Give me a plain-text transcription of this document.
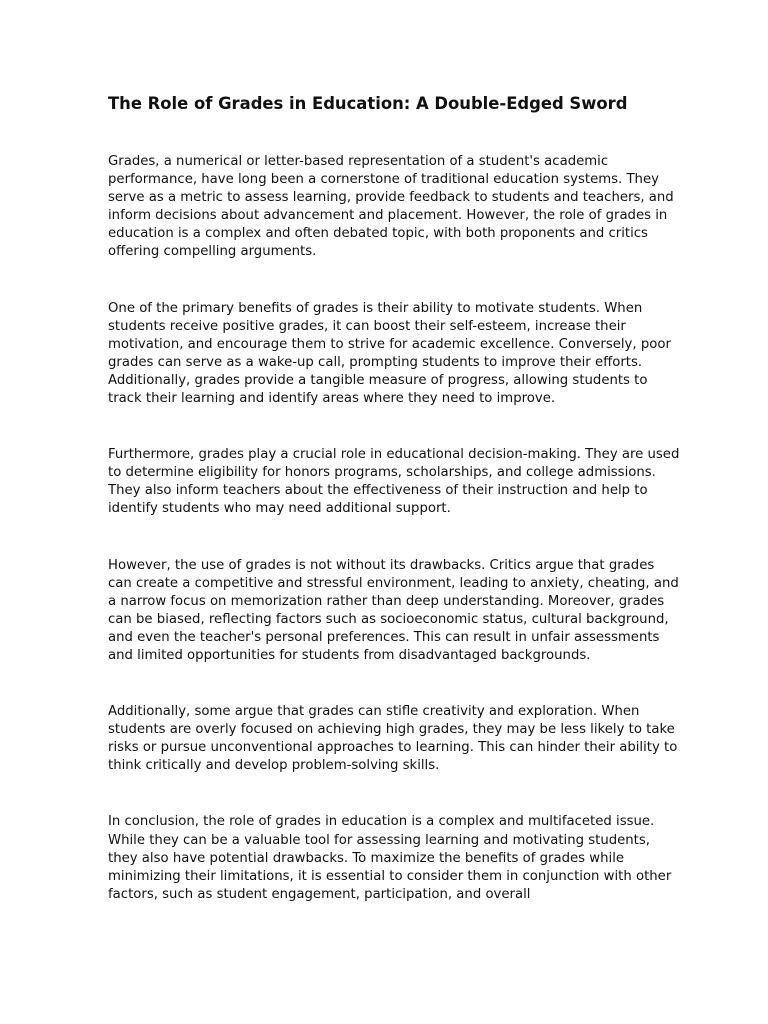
The Role of Grades in Education: A Double-Edged Sword

Grades, a numerical or letter-based representation of a student's academic performance, have long been a cornerstone of traditional education systems. They serve as a metric to assess learning, provide feedback to students and teachers, and inform decisions about advancement and placement. However, the role of grades in education is a complex and often debated topic, with both proponents and critics offering compelling arguments.

One of the primary benefits of grades is their ability to motivate students. When students receive positive grades, it can boost their self-esteem, increase their motivation, and encourage them to strive for academic excellence. Conversely, poor grades can serve as a wake-up call, prompting students to improve their efforts. Additionally, grades provide a tangible measure of progress, allowing students to track their learning and identify areas where they need to improve.

Furthermore, grades play a crucial role in educational decision-making. They are used to determine eligibility for honors programs, scholarships, and college admissions. They also inform teachers about the effectiveness of their instruction and help to identify students who may need additional support.

However, the use of grades is not without its drawbacks. Critics argue that grades can create a competitive and stressful environment, leading to anxiety, cheating, and a narrow focus on memorization rather than deep understanding. Moreover, grades can be biased, reflecting factors such as socioeconomic status, cultural background, and even the teacher's personal preferences. This can result in unfair assessments and limited opportunities for students from disadvantaged backgrounds.

Additionally, some argue that grades can stifle creativity and exploration. When students are overly focused on achieving high grades, they may be less likely to take risks or pursue unconventional approaches to learning. This can hinder their ability to think critically and develop problem-solving skills.

In conclusion, the role of grades in education is a complex and multifaceted issue. While they can be a valuable tool for assessing learning and motivating students, they also have potential drawbacks. To maximize the benefits of grades while minimizing their limitations, it is essential to consider them in conjunction with other factors, such as student engagement, participation, and overall
